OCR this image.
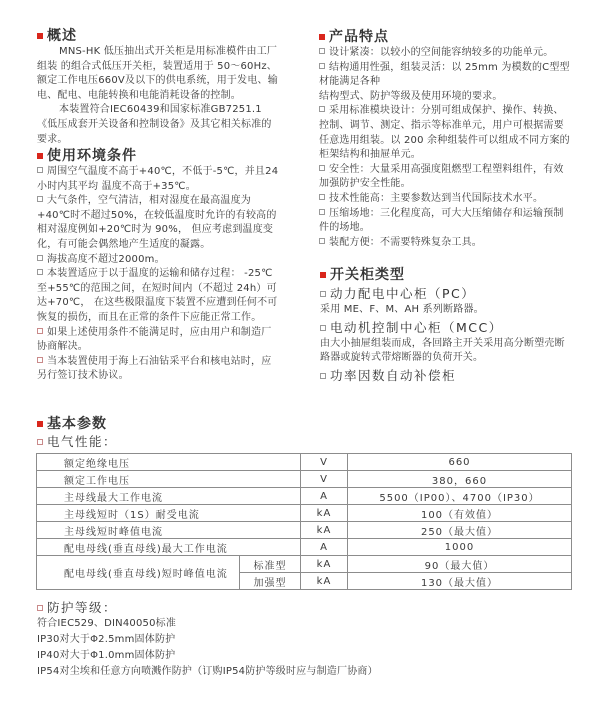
概述

MNS-HK 低压抽出式开关柜是用标准模件由工厂组装 的组合式低压开关柜，装置适用于 50～60Hz、额定工作电压660V及以下的供电系统，用于发电、输电、配电、电能转换和电能消耗设备的控制。

本装置符合IEC60439和国家标准GB7251.1《低压成套开关设备和控制设备》及其它相关标准的要求。

使用环境条件

周围空气温度不高于+40℃，不低于-5℃，并且24小时内其平均 温度不高于+35℃。

大气条件，空气清洁，相对湿度在最高温度为+40℃时不超过50%，在较低温度时允许的有较高的相对湿度例如+20℃时为 90%， 但应考虑到温度变化，有可能会偶然地产生适度的凝露。

海拔高度不超过2000m。

本装置适应于以于温度的运输和储存过程： -25℃至+55℃的范围之间，在短时间内（不超过 24h）可达+70℃， 在这些极限温度下装置不应遭到任何不可恢复的损伤，而且在正常的条件下应能正常工作。

如果上述使用条件不能满足时，应由用户和制造厂协商解决。

当本装置使用于海上石油钻采平台和核电站时，应另行签订技术协议。

产品特点

设计紧凑：以较小的空间能容纳较多的功能单元。

结构通用性强，组装灵活：以 25mm 为模数的C型型材能满足各种

结构型式、防护等级及使用环境的要求。

采用标准模块设计：分别可组成保护、操作、转换、控制、调节、测定、指示等标准单元，用户可根据需要任意选用组装。以 200 余种组装件可以组成不同方案的柜架结构和抽屉单元。

安全性：大量采用高强度阻燃型工程塑料组件，有效加强防护安全性能。

技术性能高：主要参数达到当代国际技术水平。

压缩场地：三化程度高，可大大压缩储存和运输预制件的场地。

装配方便：不需要特殊复杂工具。

开关柜类型

动力配电中心柜（PC）

采用 ME、F、M、AH 系列断路器。

电动机控制中心柜（MCC）

由大小抽屉组装而成，各回路主开关采用高分断塑壳断路器或旋转式带熔断器的负荷开关。

功率因数自动补偿柜

基本参数

电气性能：

额定绝缘电压		V	660
额定工作电压		V	380，660
主母线最大工作电流		A	5500（IP00）、4700（IP30）
主母线短时（1S）耐受电流		kA	100（有效值）
主母线短时峰值电流		kA	250（最大值）
配电母线(垂直母线)最大工作电流		A	1000
配电母线(垂直母线)短时峰值电流	标准型	kA	90（最大值）
	加强型	kA	130（最大值）

防护等级：

符合IEC529、DIN40050标准

IP30对大于Φ2.5mm固体防护

IP40对大于Φ1.0mm固体防护

IP54对尘埃和任意方向喷溅作防护（订购IP54防护等级时应与制造厂协商）
